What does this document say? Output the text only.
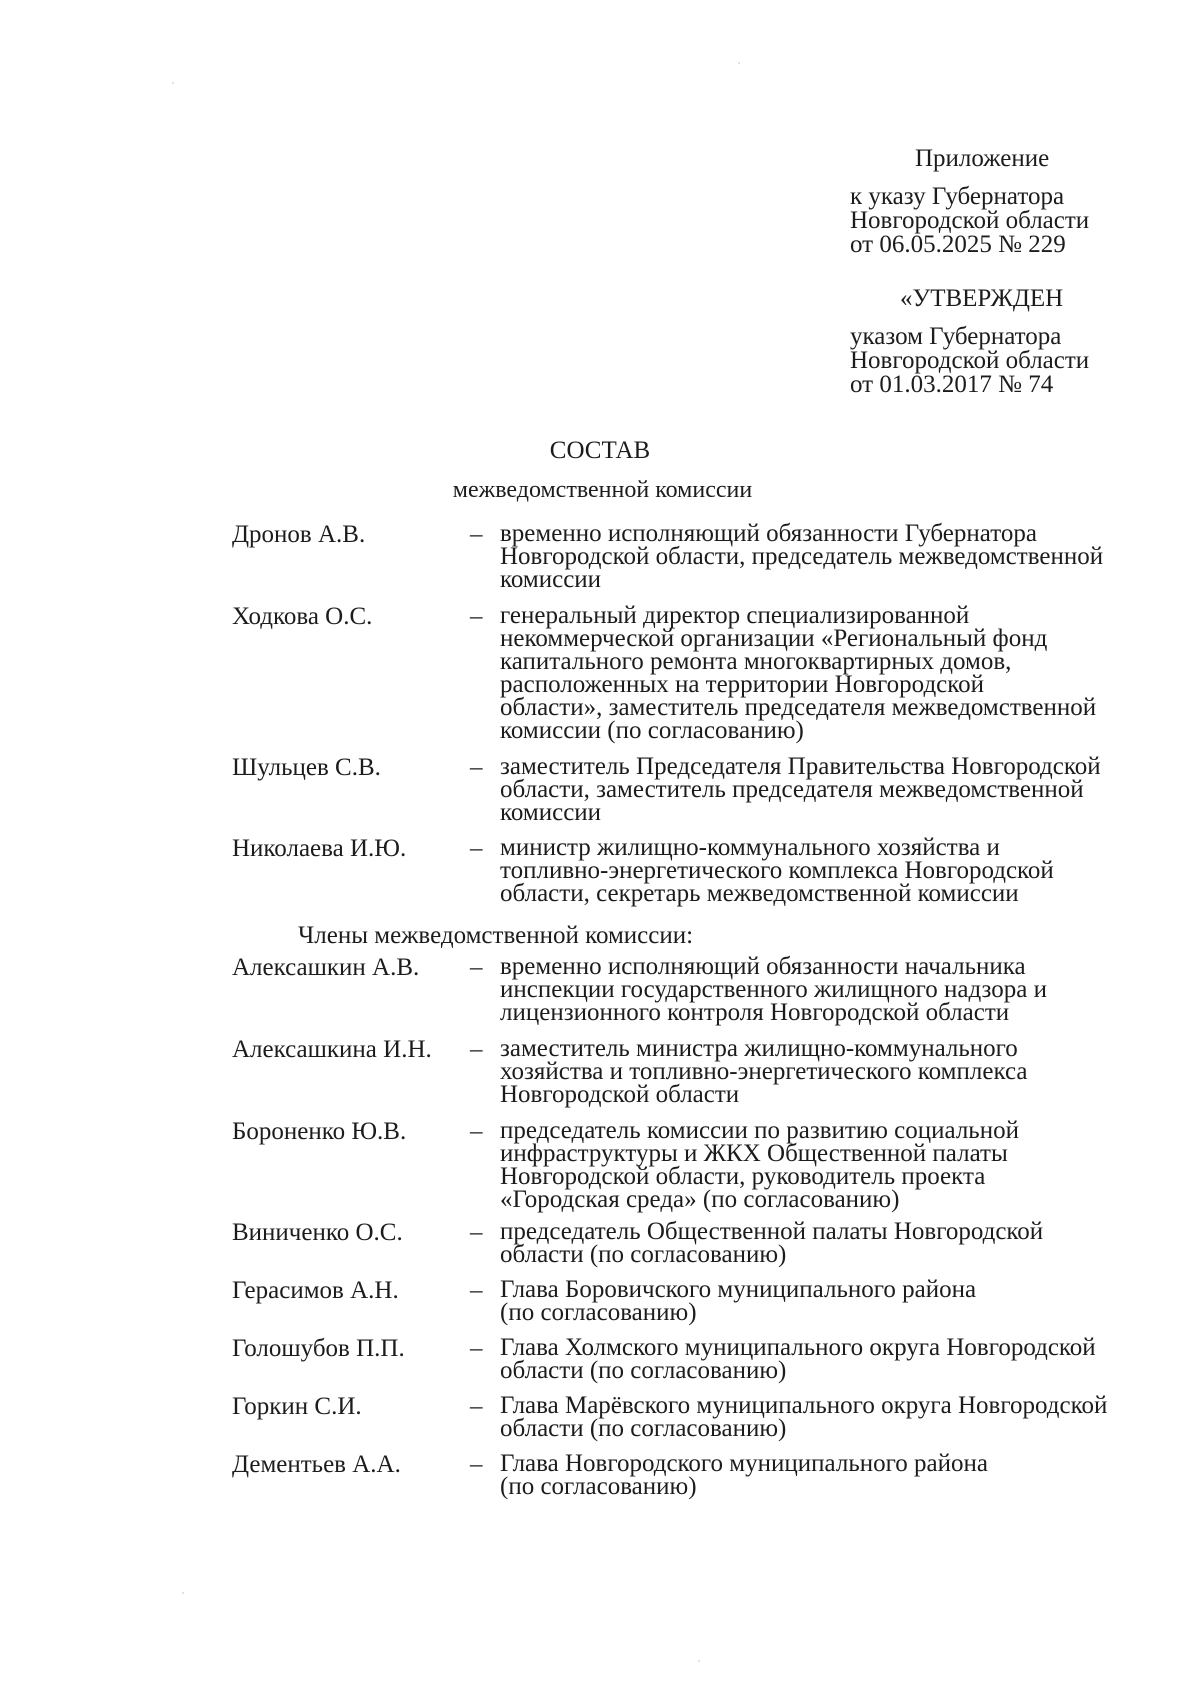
Приложение
к указу Губернатора
Новгородской области
от 06.05.2025 № 229
«УТВЕРЖДЕН
указом Губернатора
Новгородской области
от 01.03.2017 № 74
СОСТАВ
межведомственной комиссии
Дронов А.В.	– временно исполняющий обязанности Губернатора
Новгородской области, председатель межведомственной
комиссии
Ходкова О.С.	– генеральный директор специализированной
некоммерческой организации «Региональный фонд
капитального ремонта многоквартирных домов,
расположенных на территории Новгородской
области», заместитель председателя межведомственной
комиссии (по согласованию)
Шульцев С.В.	– заместитель Председателя Правительства Новгородской
области, заместитель председателя межведомственной
комиссии
Николаева И.Ю.	– министр жилищно-коммунального хозяйства и
топливно-энергетического комплекса Новгородской
области, секретарь межведомственной комиссии
Алексашкин А.В.	– временно исполняющий обязанности начальника
инспекции государственного жилищного надзора и
лицензионного контроля Новгородской области
Алексашкина И.Н.	– заместитель министра жилищно-коммунального
хозяйства и топливно-энергетического комплекса
Новгородской области
Бороненко Ю.В.	– председатель комиссии по развитию социальной
инфраструктуры и ЖКХ Общественной палаты
Новгородской области, руководитель проекта
«Городская среда» (по согласованию)
Виниченко О.С.	– председатель Общественной палаты Новгородской
области (по согласованию)
Герасимов А.Н.	– Глава Боровичского муниципального района
(по согласованию)
Голошубов П.П.	– Глава Холмского муниципального округа Новгородской
области (по согласованию)
Горкин С.И.	– Глава Марёвского муниципального округа Новгородской
области (по согласованию)
Дементьев А.А.	– Глава Новгородского муниципального района
(по согласованию)
Члены межведомственной комиссии:
